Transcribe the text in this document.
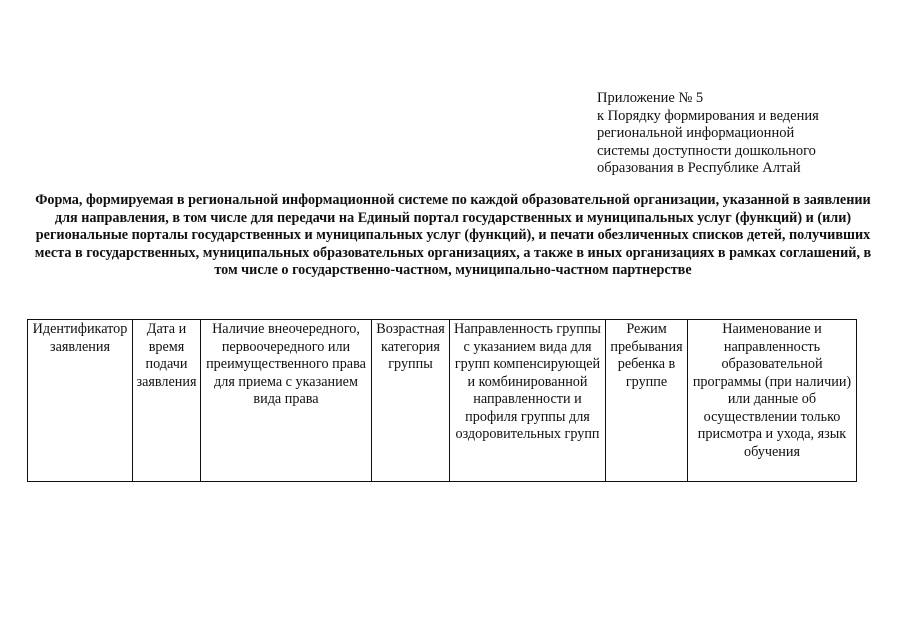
Приложение № 5
к Порядку формирования и ведения
региональной информационной
системы доступности дошкольного
образования в Республике Алтай
Форма, формируемая в региональной информационной системе по каждой образовательной организации, указанной в заявлении для направления, в том числе для передачи на Единый портал государственных и муниципальных услуг (функций) и (или) региональные порталы государственных и муниципальных услуг (функций), и печати обезличенных списков детей, получивших места в государственных, муниципальных образовательных организациях, а также в иных организациях в рамках соглашений, в том числе о государственно-частном, муниципально-частном партнерстве
Идентификатор заявления	Дата и время подачи заявления	Наличие внеочередного, первоочередного или преимущественного права для приема с указанием вида права	Возрастная категория группы	Направленность группы с указанием вида для групп компенсирующей и комбинированной направленности и профиля группы для оздоровительных групп	Режим пребывания ребенка в группе	Наименование и направленность образовательной программы (при наличии) или данные об осуществлении только присмотра и ухода, язык обучения
